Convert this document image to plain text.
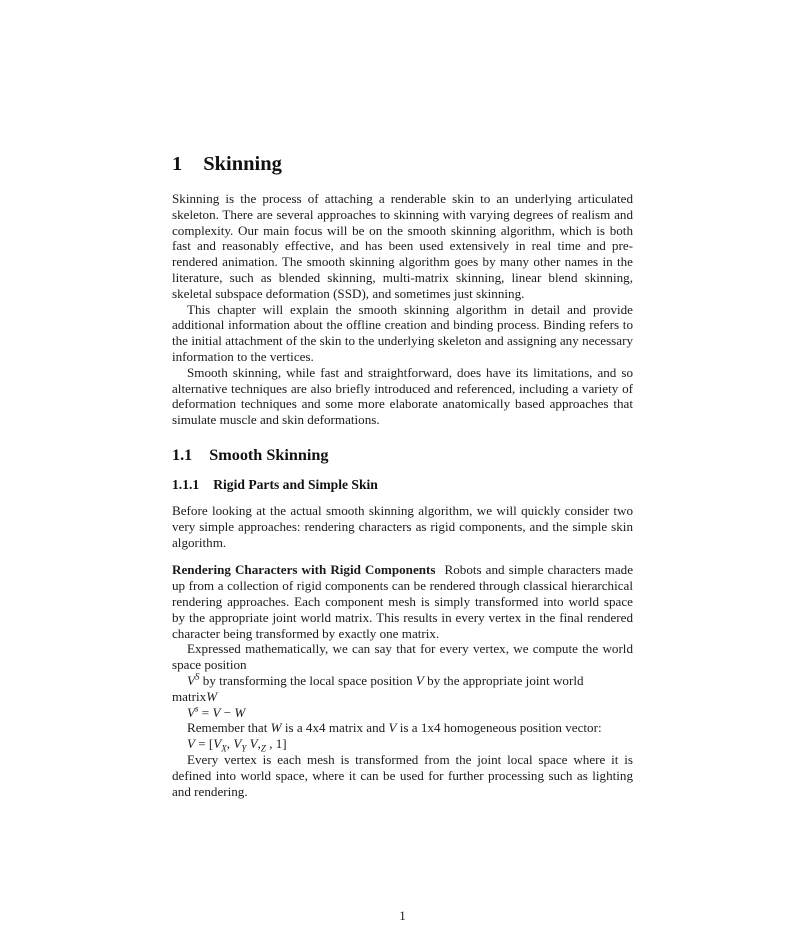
1 Skinning

Skinning is the process of attaching a renderable skin to an underlying articulated skeleton. There are several approaches to skinning with varying degrees of realism and complexity. Our main focus will be on the smooth skinning algorithm, which is both fast and reasonably effective, and has been used extensively in real time and pre-rendered animation. The smooth skinning algorithm goes by many other names in the literature, such as blended skinning, multi-matrix skinning, linear blend skinning, skeletal subspace deformation (SSD), and sometimes just skinning.

This chapter will explain the smooth skinning algorithm in detail and provide additional information about the offline creation and binding process. Binding refers to the initial attachment of the skin to the underlying skeleton and assigning any necessary information to the vertices.

Smooth skinning, while fast and straightforward, does have its limitations, and so alternative techniques are also briefly introduced and referenced, including a variety of deformation techniques and some more elaborate anatomically based approaches that simulate muscle and skin deformations.

1.1 Smooth Skinning
1.1.1 Rigid Parts and Simple Skin

Before looking at the actual smooth skinning algorithm, we will quickly consider two very simple approaches: rendering characters as rigid components, and the simple skin algorithm.

Rendering Characters with Rigid Components Robots and simple characters made up from a collection of rigid components can be rendered through classical hierarchical rendering approaches. Each component mesh is simply transformed into world space by the appropriate joint world matrix. This results in every vertex in the final rendered character being transformed by exactly one matrix.

Expressed mathematically, we can say that for every vertex, we compute the world space position

$V^S$ by transforming the local space position V by the appropriate joint world
matrixW

$V^s = V - W$

Remember that W is a 4x4 matrix and V is a 1x4 homogeneous position vector:

$V = [V_X$, $V_Y$ $V,_Z$ , 1]

Every vertex is each mesh is transformed from the joint local space where it is defined into world space, where it can be used for further processing such as lighting and rendering.

1
